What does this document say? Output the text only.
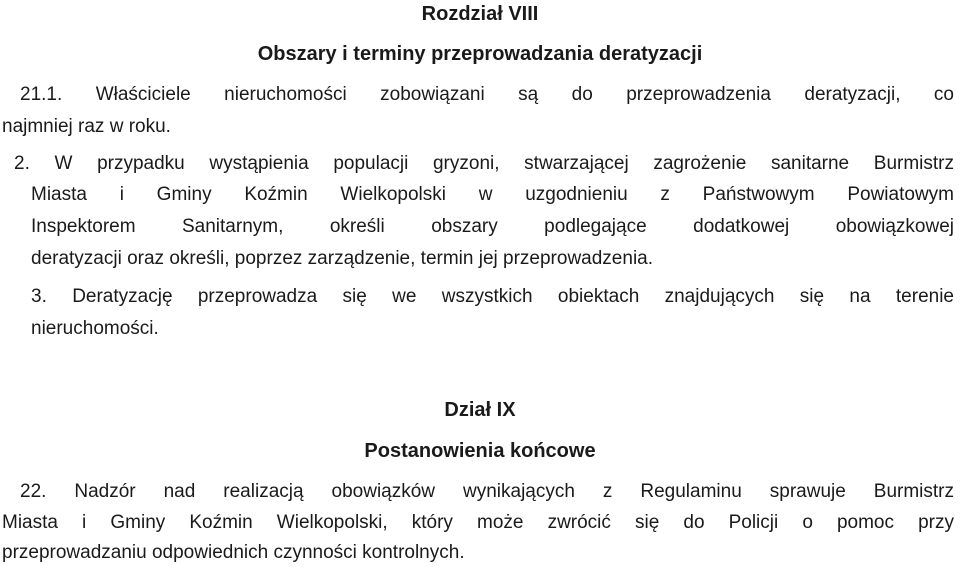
Rozdział VIII
Obszary i terminy przeprowadzania deratyzacji

21.1. Właściciele nieruchomości zobowiązani są do przeprowadzenia deratyzacji, co

najmniej raz w roku.

2. W przypadku wystąpienia populacji gryzoni, stwarzającej zagrożenie sanitarne Burmistrz

Miasta i Gminy Koźmin Wielkopolski w uzgodnieniu z Państwowym Powiatowym

Inspektorem Sanitarnym, określi obszary podlegające dodatkowej obowiązkowej

deratyzacji oraz określi, poprzez zarządzenie, termin jej przeprowadzenia.

3. Deratyzację przeprowadza się we wszystkich obiektach znajdujących się na terenie

nieruchomości.

Dział IX
Postanowienia końcowe

22. Nadzór nad realizacją obowiązków wynikających z Regulaminu sprawuje Burmistrz

Miasta i Gminy Koźmin Wielkopolski, który może zwrócić się do Policji o pomoc przy

przeprowadzaniu odpowiednich czynności kontrolnych.
